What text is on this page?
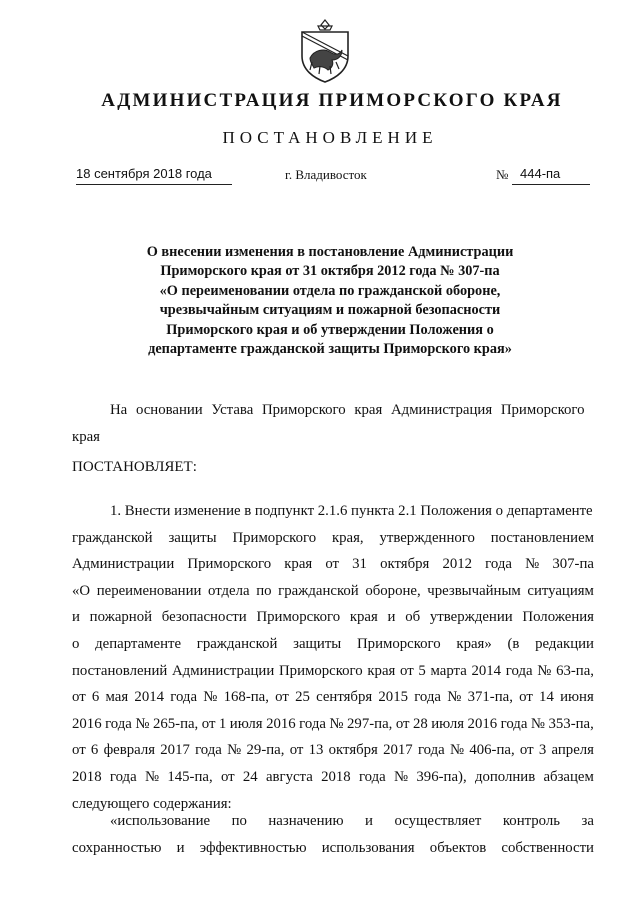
АДМИНИСТРАЦИЯ ПРИМОРСКОГО КРАЯ
ПОСТАНОВЛЕНИЕ
18 сентября 2018 года	г. Владивосток	№ 444-па
О внесении изменения в постановление Администрации
Приморского края от 31 октября 2012 года № 307-па
«О переименовании отдела по гражданской обороне,
чрезвычайным ситуациям и пожарной безопасности
Приморского края и об утверждении Положения о
департаменте гражданской защиты Приморского края»
На основании Устава Приморского края Администрация Приморского
края
ПОСТАНОВЛЯЕТ:
1. Внести изменение в подпункт 2.1.6 пункта 2.1 Положения о департаменте
гражданской защиты Приморского края, утвержденного постановлением
Администрации Приморского края от 31 октября 2012 года № 307-па
«О переименовании отдела по гражданской обороне, чрезвычайным ситуациям
и пожарной безопасности Приморского края и об утверждении Положения
о департаменте гражданской защиты Приморского края» (в редакции
постановлений Администрации Приморского края от 5 марта 2014 года № 63-па,
от 6 мая 2014 года № 168-па, от 25 сентября 2015 года № 371-па, от 14 июня
2016 года № 265-па, от 1 июля 2016 года № 297-па, от 28 июля 2016 года № 353-па,
от 6 февраля 2017 года № 29-па, от 13 октября 2017 года № 406-па, от 3 апреля
2018 года № 145-па, от 24 августа 2018 года № 396-па), дополнив абзацем
следующего содержания:
«использование по назначению и осуществляет контроль за
сохранностью и эффективностью использования объектов собственности
